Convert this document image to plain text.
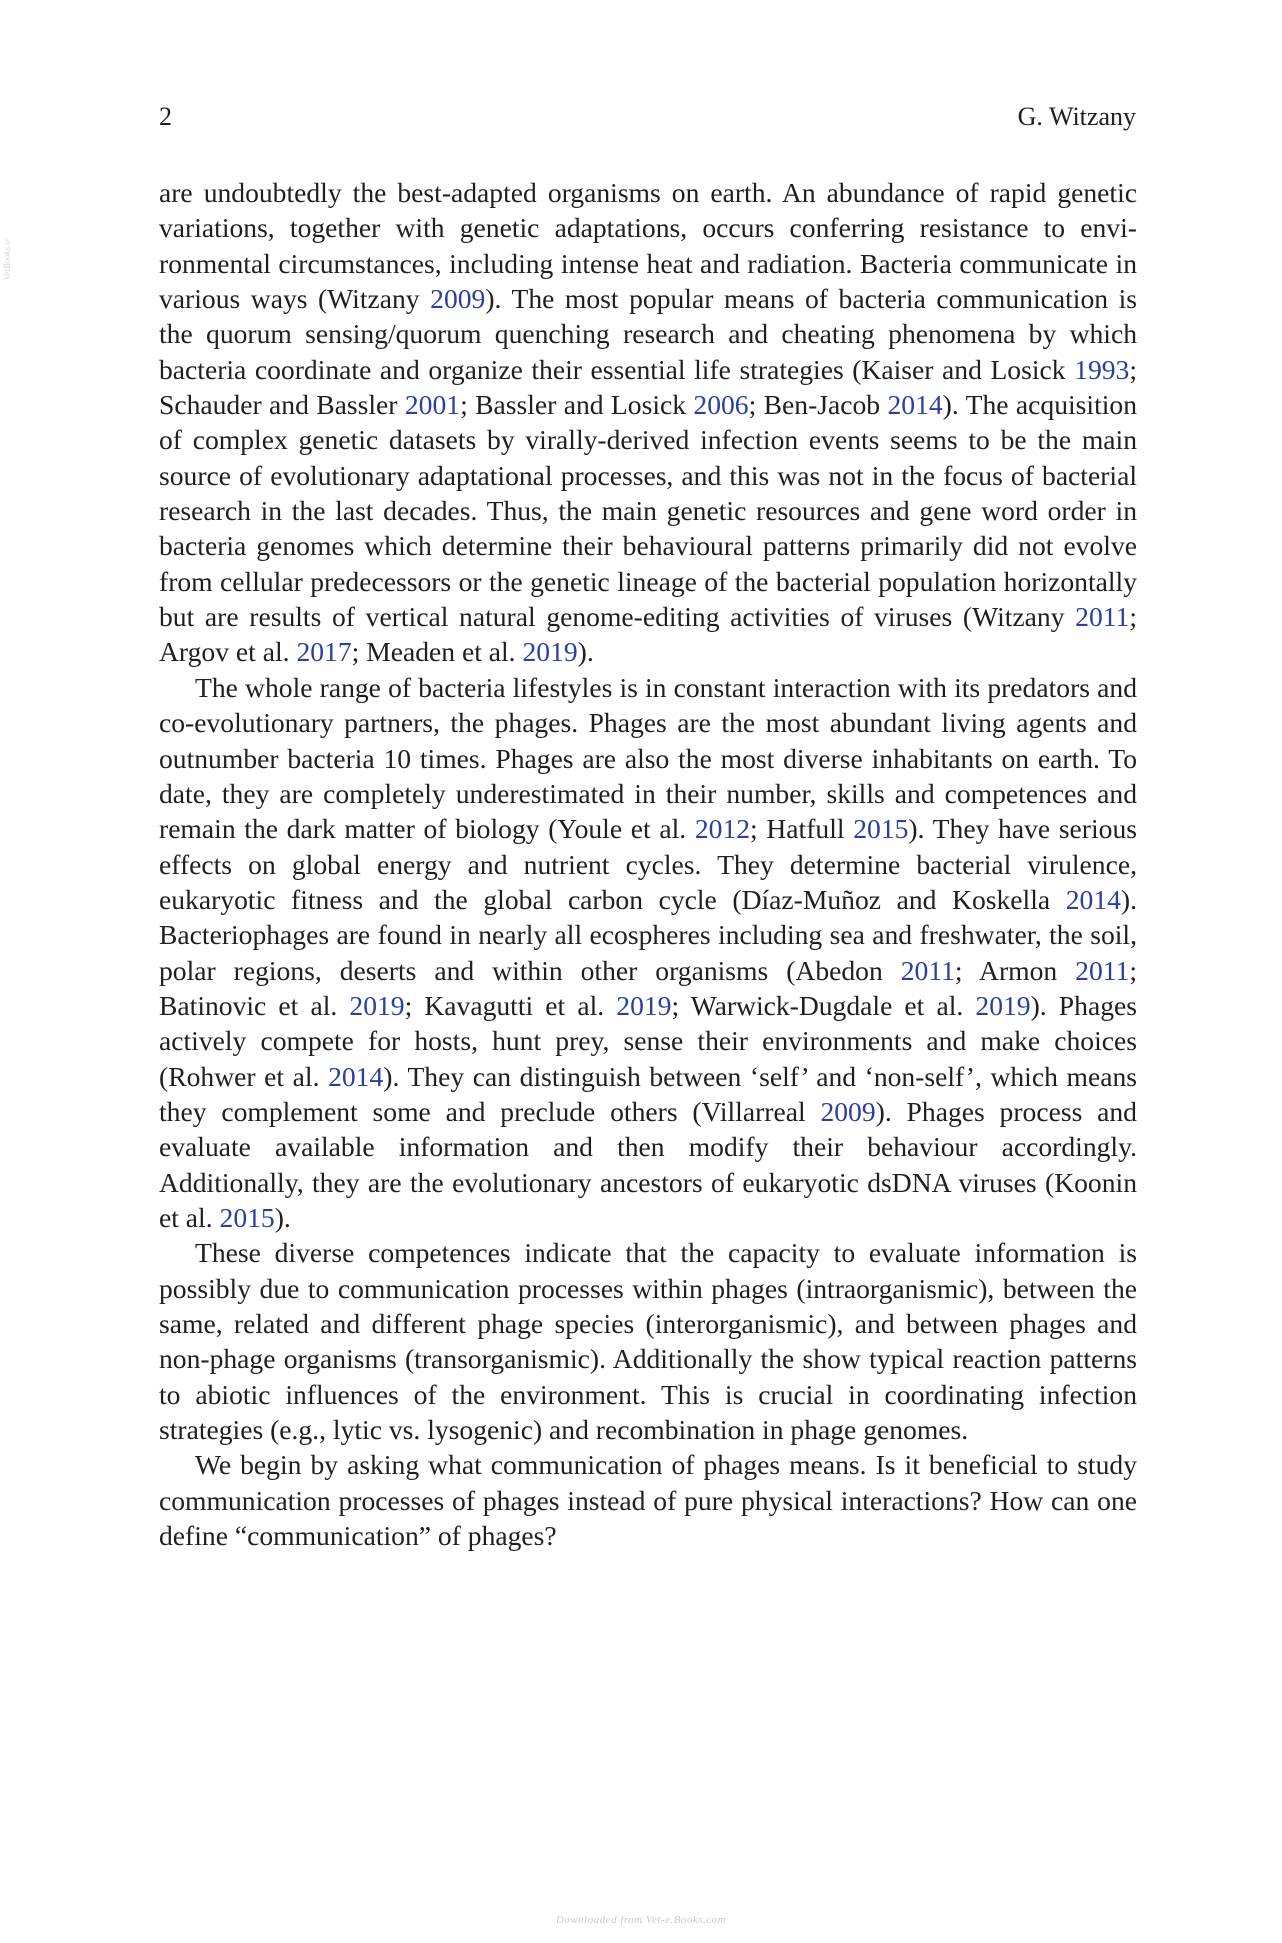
2	G. Witzany
VetBooks.ir

are undoubtedly the best-adapted organisms on earth. An abundance of rapid genetic variations, together with genetic adaptations, occurs conferring resistance to environmental circumstances, including intense heat and radiation. Bacteria communicate in various ways (Witzany 2009). The most popular means of bacteria communication is the quorum sensing/quorum quenching research and cheating phenomena by which bacteria coordinate and organize their essential life strategies (Kaiser and Losick 1993; Schauder and Bassler 2001; Bassler and Losick 2006; Ben-Jacob 2014). The acquisition of complex genetic datasets by virally-derived infection events seems to be the main source of evolutionary adaptational processes, and this was not in the focus of bacterial research in the last decades. Thus, the main genetic resources and gene word order in bacteria genomes which determine their behavioural patterns primarily did not evolve from cellular predecessors or the genetic lineage of the bacterial population horizontally but are results of vertical natural genome-editing activities of viruses (Witzany 2011; Argov et al. 2017; Meaden et al. 2019).

The whole range of bacteria lifestyles is in constant interaction with its predators and co-evolutionary partners, the phages. Phages are the most abundant living agents and outnumber bacteria 10 times. Phages are also the most diverse inhabitants on earth. To date, they are completely underestimated in their number, skills and competences and remain the dark matter of biology (Youle et al. 2012; Hatfull 2015). They have serious effects on global energy and nutrient cycles. They determine bacterial virulence, eukaryotic fitness and the global carbon cycle (Díaz-Muñoz and Koskella 2014). Bacteriophages are found in nearly all ecospheres including sea and freshwater, the soil, polar regions, deserts and within other organisms (Abedon 2011; Armon 2011; Batinovic et al. 2019; Kavagutti et al. 2019; Warwick-Dugdale et al. 2019). Phages actively compete for hosts, hunt prey, sense their environments and make choices (Rohwer et al. 2014). They can distinguish between ‘self’ and ‘non-self’, which means they complement some and preclude others (Villarreal 2009). Phages process and evaluate available information and then modify their behaviour accordingly. Additionally, they are the evolutionary ancestors of eukaryotic dsDNA viruses (Koonin et al. 2015).

These diverse competences indicate that the capacity to evaluate information is possibly due to communication processes within phages (intraorganismic), between the same, related and different phage species (interorganismic), and between phages and non-phage organisms (transorganismic). Additionally the show typical reaction patterns to abiotic influences of the environment. This is crucial in coordinating infection strategies (e.g., lytic vs. lysogenic) and recombination in phage genomes.

We begin by asking what communication of phages means. Is it beneficial to study communication processes of phages instead of pure physical interactions? How can one define “communication” of phages?

Downloaded from Vet-e.Books.com
